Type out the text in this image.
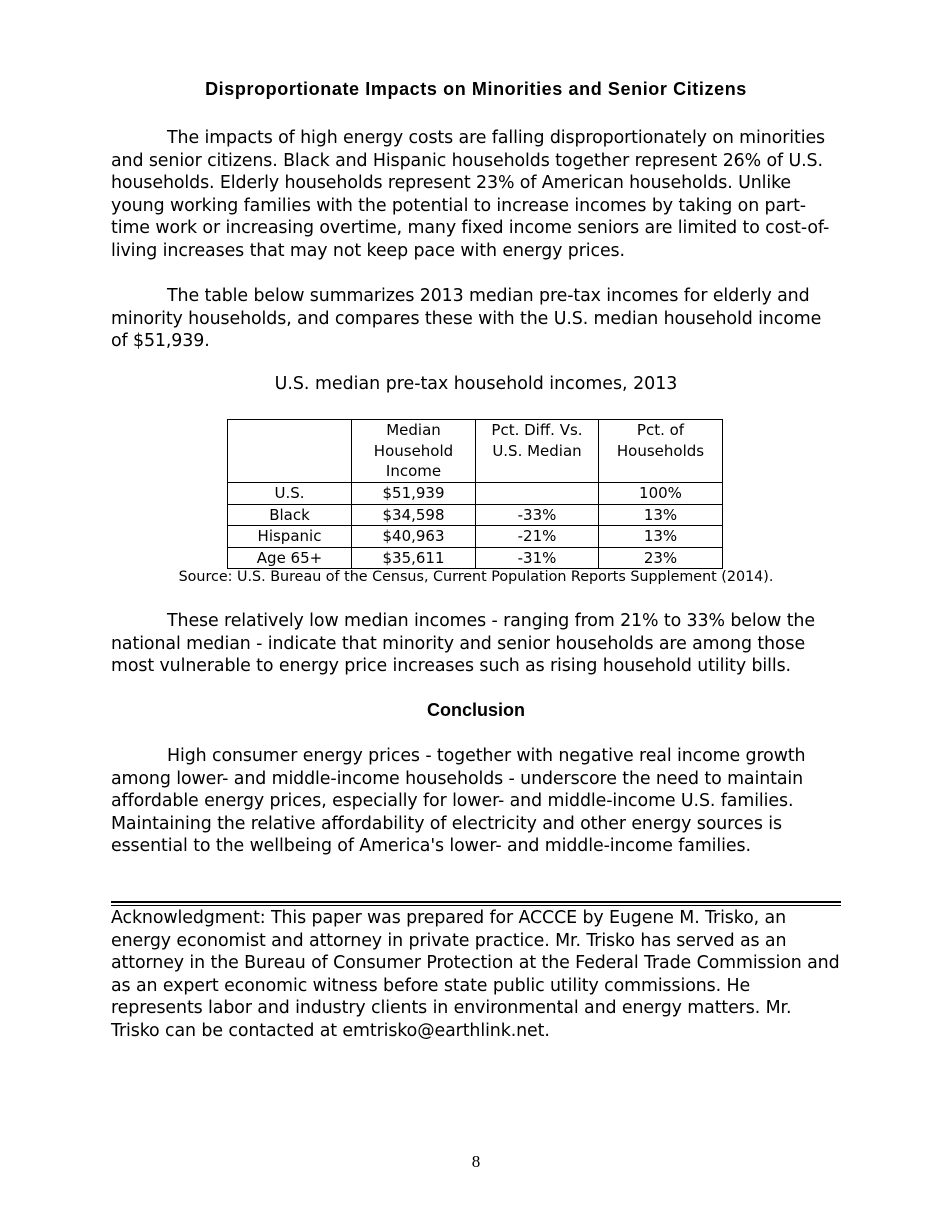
Disproportionate Impacts on Minorities and Senior Citizens

The impacts of high energy costs are falling disproportionately on minorities and senior citizens. Black and Hispanic households together represent 26% of U.S. households. Elderly households represent 23% of American households. Unlike young working families with the potential to increase incomes by taking on part-time work or increasing overtime, many fixed income seniors are limited to cost-of-living increases that may not keep pace with energy prices.

The table below summarizes 2013 median pre-tax incomes for elderly and minority households, and compares these with the U.S. median household income of $51,939.

U.S. median pre-tax household incomes, 2013

	Median Household Income	Pct. Diff. Vs. U.S. Median	Pct. of Households
U.S.	$51,939		100%
Black	$34,598	-33%	13%
Hispanic	$40,963	-21%	13%
Age 65+	$35,611	-31%	23%

Source: U.S. Bureau of the Census, Current Population Reports Supplement (2014).

These relatively low median incomes - ranging from 21% to 33% below the national median - indicate that minority and senior households are among those most vulnerable to energy price increases such as rising household utility bills.

Conclusion

High consumer energy prices - together with negative real income growth among lower- and middle-income households - underscore the need to maintain affordable energy prices, especially for lower- and middle-income U.S. families. Maintaining the relative affordability of electricity and other energy sources is essential to the wellbeing of America's lower- and middle-income families.

Acknowledgment: This paper was prepared for ACCCE by Eugene M. Trisko, an energy economist and attorney in private practice. Mr. Trisko has served as an attorney in the Bureau of Consumer Protection at the Federal Trade Commission and as an expert economic witness before state public utility commissions. He represents labor and industry clients in environmental and energy matters. Mr. Trisko can be contacted at emtrisko@earthlink.net.

8
